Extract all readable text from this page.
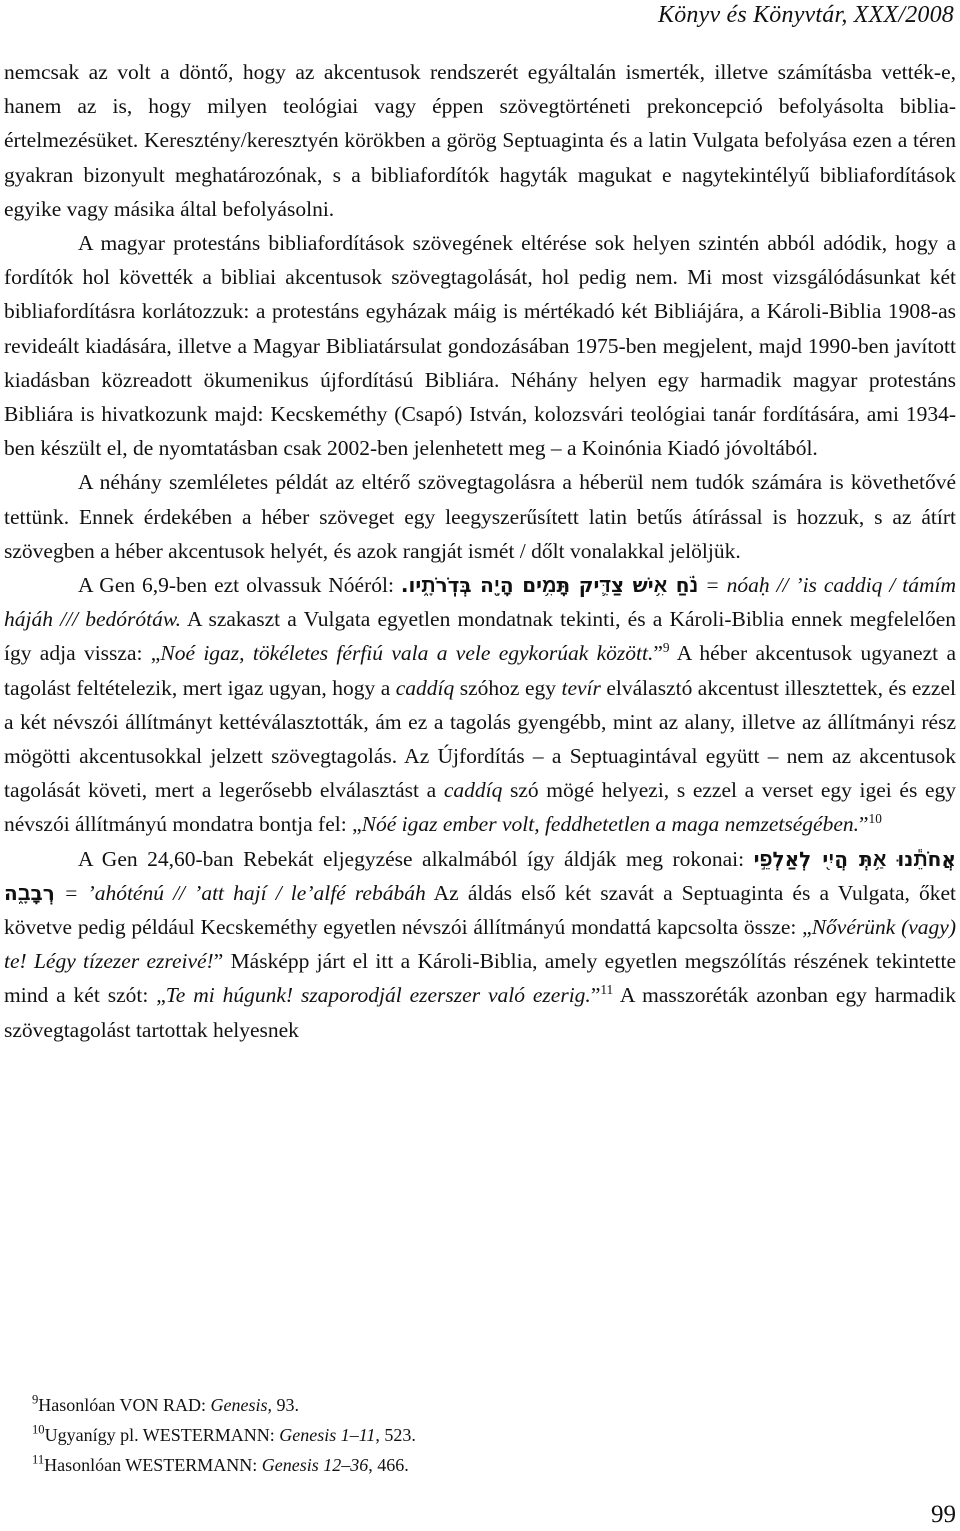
Könyv és Könyvtár, XXX/2008

nemcsak az volt a döntő, hogy az akcentusok rendszerét egyáltalán ismerték, illetve számításba vették-e, hanem az is, hogy milyen teológiai vagy éppen szövegtörténeti prekoncepció befolyásolta biblia-értelmezésüket. Keresztény/keresztyén körökben a görög Septuaginta és a latin Vulgata befolyása ezen a téren gyakran bizonyult meghatározónak, s a bibliafordítók hagyták magukat e nagytekintélyű bibliafordítások egyike vagy másika által befolyásolni.

A magyar protestáns bibliafordítások szövegének eltérése sok helyen szintén abból adódik, hogy a fordítók hol követték a bibliai akcentusok szövegtagolását, hol pedig nem. Mi most vizsgálódásunkat két bibliafordításra korlátozzuk: a protestáns egyházak máig is mértékadó két Bibliájára, a Károli-Biblia 1908-as revideált kiadására, illetve a Magyar Bibliatársulat gondozásában 1975-ben megjelent, majd 1990-ben javított kiadásban közreadott ökumenikus újfordítású Bibliára. Néhány helyen egy harmadik magyar protestáns Bibliára is hivatkozunk majd: Kecskeméthy (Csapó) István, kolozsvári teológiai tanár fordítására, ami 1934-ben készült el, de nyomtatásban csak 2002-ben jelenhetett meg – a Koinónia Kiadó jóvoltából.

A néhány szemléletes példát az eltérő szövegtagolásra a héberül nem tudók számára is követhetővé tettünk. Ennek érdekében a héber szöveget egy leegyszerűsített latin betűs átírással is hozzuk, s az átírt szövegben a héber akcentusok helyét, és azok rangját ismét / dőlt vonalakkal jelöljük.

A Gen 6,9-ben ezt olvassuk Nóéról: נֹ֗חַ אִ֥ישׁ צַדִּ֛יק תָּמִ֥ים הָיָ֖ה בְּדֹֽרֹתָ֑יו. = nóaḥ // ’is caddiq / támím hájáh /// bedórótáw. A szakaszt a Vulgata egyetlen mondatnak tekinti, és a Károli-Biblia ennek megfelelően így adja vissza: „Noé igaz, tökéletes férfiú vala a vele egykorúak között.”$^9$ A héber akcentusok ugyanezt a tagolást feltételezik, mert igaz ugyan, hogy a caddíq szóhoz egy tevír elválasztó akcentust illesztettek, és ezzel a két névszói állítmányt kettéválasztották, ám ez a tagolás gyengébb, mint az alany, illetve az állítmányi rész mögötti akcentusokkal jelzett szövegtagolás. Az Újfordítás – a Septuagintával együtt – nem az akcentusok tagolását követi, mert a legerősebb elválasztást a caddíq szó mögé helyezi, s ezzel a verset egy igei és egy névszói állítmányú mondatra bontja fel: „Nóé igaz ember volt, feddhetetlen a maga nemzetségében.”$^{10}$

A Gen 24,60-ban Rebekát eljegyzése alkalmából így áldják meg rokonai: אֲחֹתֵ֕נוּ אַ֥תְּ הֲיִ֖י לְאַלְפֵ֣י רְבָבָ֑ה = ’ahóténú // ’att hají / le’alfé rebábáh Az áldás első két szavát a Septuaginta és a Vulgata, őket követve pedig például Kecskeméthy egyetlen névszói állítmányú mondattá kapcsolta össze: „Nővérünk (vagy) te! Légy tízezer ezreivé!” Másképp járt el itt a Károli-Biblia, amely egyetlen megszólítás részének tekintette mind a két szót: „Te mi húgunk! szaporodjál ezerszer való ezerig.”$^{11}$ A masszoréták azonban egy harmadik szövegtagolást tartottak helyesnek

$^9$Hasonlóan VON RAD: Genesis, 93.
$^{10}$Ugyanígy pl. WESTERMANN: Genesis 1–11, 523.
$^{11}$Hasonlóan WESTERMANN: Genesis 12–36, 466.
99
